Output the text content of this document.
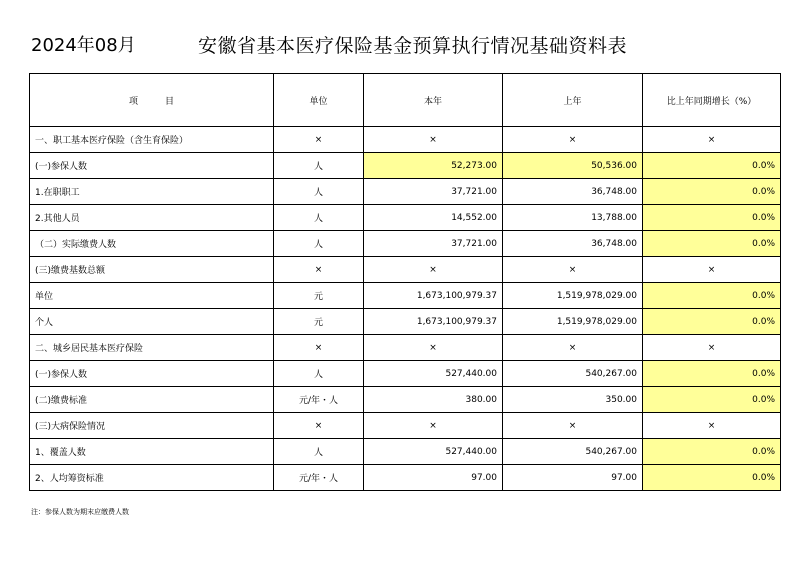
2024年08月	安徽省基本医疗保险基金预算执行情况基础资料表
项　　　目	单位	本年	上年	比上年同期增长（%）
一、职工基本医疗保险（含生育保险）	×	×	×	×
(一)参保人数	人	52,273.00	50,536.00	0.0%
1.在职职工	人	37,721.00	36,748.00	0.0%
2.其他人员	人	14,552.00	13,788.00	0.0%
（二）实际缴费人数	人	37,721.00	36,748.00	0.0%
(三)缴费基数总额	×	×	×	×
单位	元	1,673,100,979.37	1,519,978,029.00	0.0%
个人	元	1,673,100,979.37	1,519,978,029.00	0.0%
二、城乡居民基本医疗保险	×	×	×	×
(一)参保人数	人	527,440.00	540,267.00	0.0%
(二)缴费标准	元/年・人	380.00	350.00	0.0%
(三)大病保险情况	×	×	×	×
1、覆盖人数	人	527,440.00	540,267.00	0.0%
2、人均筹资标准	元/年・人	97.00	97.00	0.0%
注：参保人数为期末应缴费人数
